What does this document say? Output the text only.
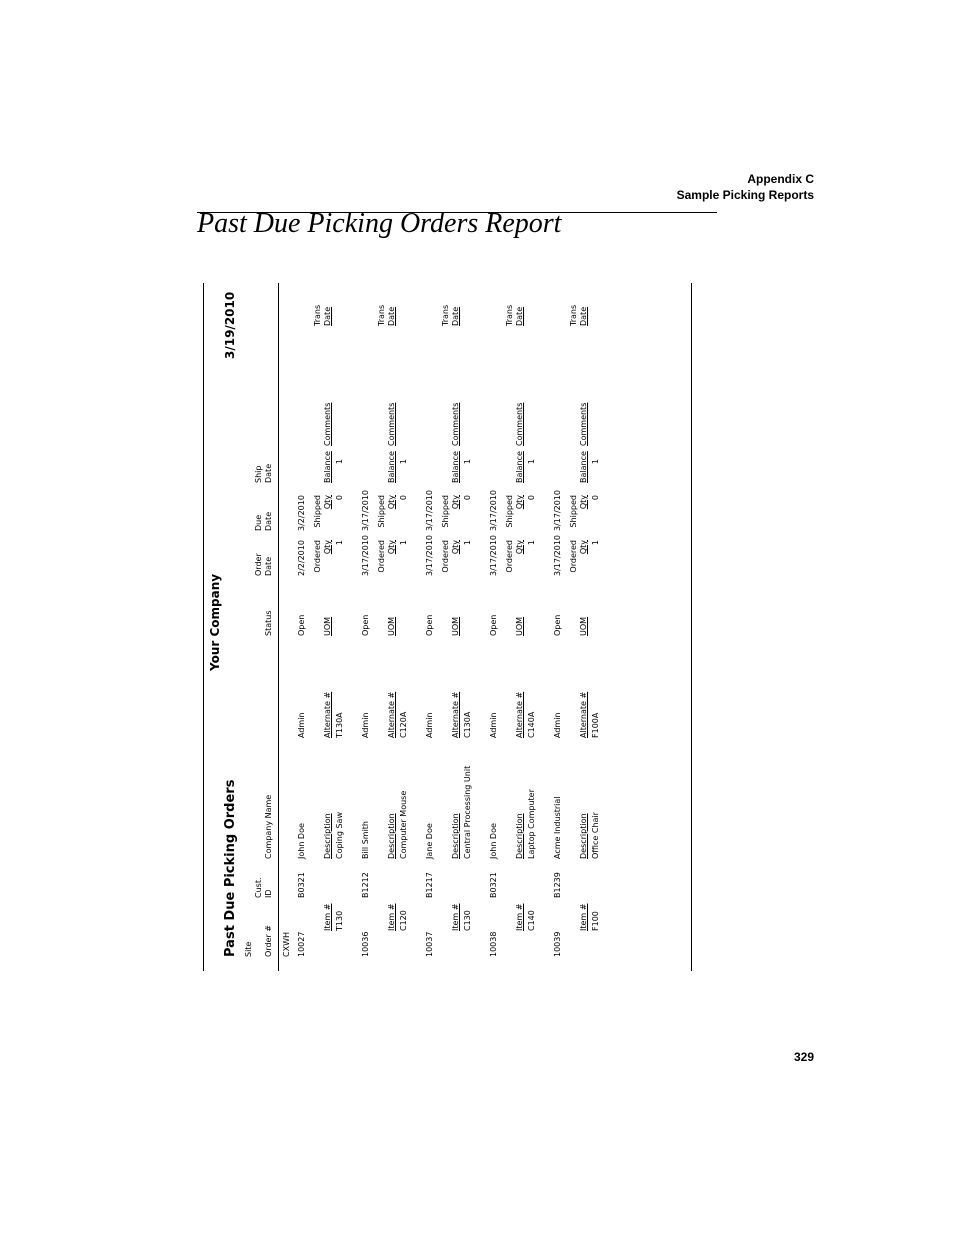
Appendix C
Sample Picking Reports
Past Due Picking Orders Report
Your Company
Past Due Picking Orders
3/19/2010
Site Order #
Cust. ID
Company Name
Status
Order Date
Due Date
Ship Date
CXWH 10027
B0321
John Doe
Admin
Open
2/2/2010
3/2/2010
Ordered
Shipped
Trans
Item #
Description
Alternate #
UOM
Qty
Qty
Balance
Comments
Date
T130
Coping Saw
T130A
1
0
1
10036
B1212
Bill Smith
Admin
Open
3/17/2010
3/17/2010
Ordered
Shipped
Trans
Item #
Description
Alternate #
UOM
Qty
Qty
Balance
Comments
Date
C120
Computer Mouse
C120A
1
0
1
10037
B1217
Jane Doe
Admin
Open
3/17/2010
3/17/2010
Ordered
Shipped
Trans
Item #
Description
Alternate #
UOM
Qty
Qty
Balance
Comments
Date
C130
Central Processing Unit
C130A
1
0
1
10038
B0321
John Doe
Admin
Open
3/17/2010
3/17/2010
Ordered
Shipped
Trans
Item #
Description
Alternate #
UOM
Qty
Qty
Balance
Comments
Date
C140
Laptop Computer
C140A
1
0
1
10039
B1239
Acme Industrial
Admin
Open
3/17/2010
3/17/2010
Ordered
Shipped
Trans
Item #
Description
Alternate #
UOM
Qty
Qty
Balance
Comments
Date
F100
Office Chair
F100A
1
0
1
329
